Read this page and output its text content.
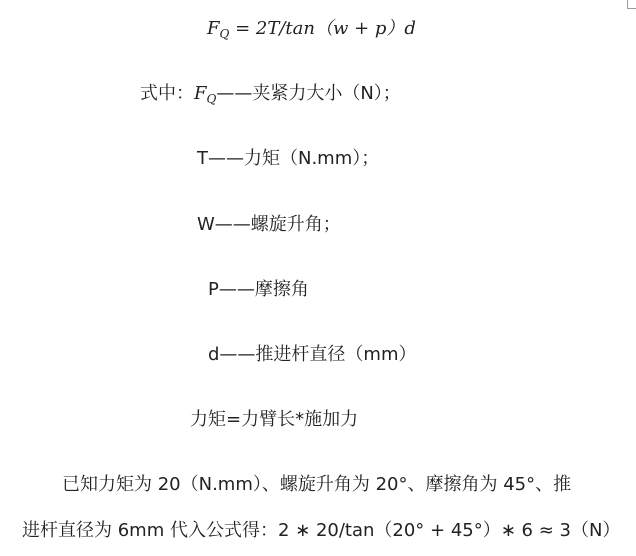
$F_Q = 2T/\tan(w + p)d$
式中：$F_Q——$夹紧力大小（N）；
T——力矩（N.mm）；
W——螺旋升角；
P——摩擦角
d——推进杆直径（mm）
力矩=力臂长*施加力
已知力矩为 20（N.mm）、螺旋升角为 20°、摩擦角为 45°、推
进杆直径为 6mm 代入公式得：2 ∗ 20/tan（20° + 45°）∗ 6 ≈ 3（N）
